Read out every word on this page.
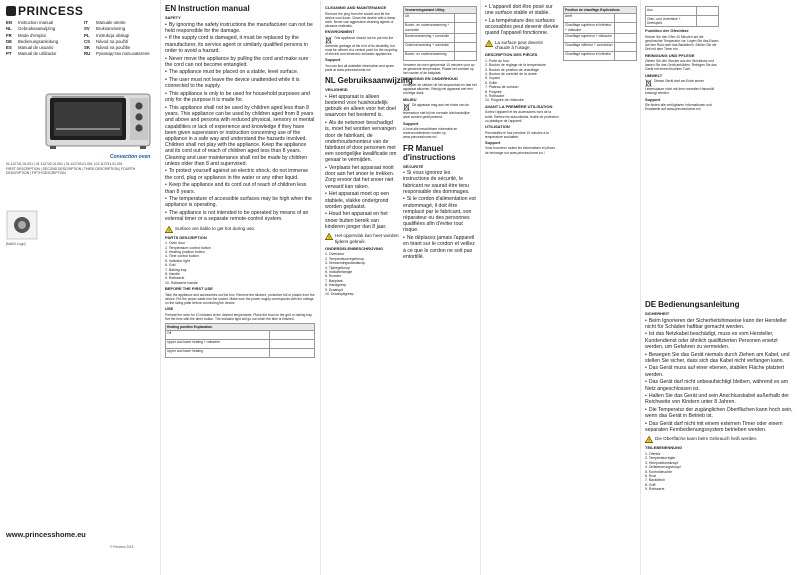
PRINCESS
EN Instruction manual
NL Gebruiksaanwijzing
FR Mode d'emploi
DE Bedienungsanleitung
ES Manual de usuario
PT Manual de utilizador
IT Manuale utente
SV Bruksanvisning
PL Instrukcja obsługi
CS Návod na použití
SK Návod na použitie
RU Руководство пользователя
Convection oven
01.112741.01.001 | 01.112742.01.001 | 01.112743.01.001 | 01.112741.01.001
FIRST DESCRIPTION | SECOND DESCRIPTION | THIRD DESCRIPTION | FOURTH DESCRIPTION | FIFTH DESCRIPTION
[MAIN Logo]
www.princesshome.eu
© Princess 2018
EN Instruction manual
SAFETY
• By ignoring the safety instructions the manufacturer can not be held responsible for the damage.
• If the supply cord is damaged, it must be replaced by the manufacturer, its service agent or similarly qualified persons in order to avoid a hazard.
• Never move the appliance by pulling the cord and make sure the cord can not become entangled.
• The appliance must be placed on a stable, level surface.
• The user must not leave the device unattended while it is connected to the supply.
• This appliance is only to be used for household purposes and only for the purpose it is made for.
• This appliance shall not be used by children aged less than 8 years. This appliance can be used by children aged from 8 years and above and persons with reduced physical, sensory or mental capabilities or lack of experience and knowledge if they have been given supervision or instruction concerning use of the appliance in a safe way and understand the hazards involved. Children shall not play with the appliance. Keep the appliance and its cord out of reach of children aged less than 8 years. Cleaning and user maintenance shall not be made by children unless older than 8 and supervised.
• To protect yourself against an electric shock, do not immerse the cord, plug or appliance in the water or any other liquid.
• Keep the appliance and its cord out of reach of children less than 8 years.
• The temperature of accessible surfaces may be high when the appliance is operating.
• The appliance is not intended to be operated by means of an external timer or a separate remote-control system.
! Surface are liable to get hot during use.
PARTS DESCRIPTION
1. Oven door
2. Temperature control button
3. Heating position button
4. Time control button
5. Indicator light
6. Grid
7. Baking tray
8. Handle
9. Rotisserie
10. Rotisserie handle
BEFORE THE FIRST USE

Take the appliance and accessories out the box. Remove the stickers, protective foil or plastic from the device. Put the power cable into the socket. Make sure the power supply corresponds with the voltage on the rating plate before connecting the device.

USE

Preheat the oven for 10 minutes at the desired temperature. Place the food on the grid or baking tray. Set the time with the timer button. The indicator light will go out when the time is finished.

Heating position Explanation	
Off	
Upper and lower heating + rotisserie	
Upper and lower heating	
CLEANING AND MAINTENANCE

Remove the plug from the socket and let the device cool down. Clean the device with a damp cloth. Never use aggressive cleaning agents or abrasive materials.

ENVIRONMENT

This appliance should not be put into the domestic garbage at the end of its durability, but must be offered at a central point for the recycling of electric and electronic domestic appliances.

Support

You can find all available information and spare parts at www.princesshome.eu!

NL Gebruiksaanwijzing
VEILIGHEID
• Het apparaat is alleen bestemd voor huishoudelijk gebruik en alleen voor het doel waarvoor het bestemd is.
• Als de netsnoer beschadigd is, moet het worden vervangen door de fabrikant, de onderhoudsmonteur van de fabrikant of door personen met een soortgelijke kwalificatie om gevaar te vermijden.
• Verplaats het apparaat nooit door aan het snoer te trekken. Zorg ervoor dat het snoer niet verward kan raken.
• Het apparaat moet op een stabiele, vlakke ondergrond worden geplaatst.
• Houd het apparaat en het snoer buiten bereik van kinderen jonger dan 8 jaar.
! Het oppervlak kan heet worden tijdens gebruik.
ONDERDELENBESCHRIJVING
1. Ovendeur
2. Temperatuurregelknop
3. Verwarmingsstandknop
4. Tijdregelknop
5. Indicatielampje
6. Rooster
7. Bakplaat
8. Handgreep
9. Draaispit
10. Draaispitgreep
Verwarmingsstand Uitleg	
Uit	
Boven- en onderverwarming + convectie	
Bovenverwarming + convectie	
Onderverwarming + convectie	
Boven- en onderverwarming	

Verwarm de oven gedurende 10 minuten voor op de gewenste temperatuur. Plaats het voedsel op het rooster of de bakplaat.

REINIGING EN ONDERHOUD

Verwijder de stekker uit het stopcontact en laat het apparaat afkoelen. Reinig het apparaat met een vochtige doek.

MILIEU

Dit apparaat mag aan het einde van de levensduur niet bij het normale huishoudelijke afval worden gedeponeerd.

Support

U kunt alle beschikbare informatie en reserveonderdelen vinden op www.princesshome.eu!

FR Manuel d'instructions
SÉCURITÉ
• Si vous ignorez les instructions de sécurité, le fabricant ne saurait être tenu responsable des dommages.
• Si le cordon d'alimentation est endommagé, il doit être remplacé par le fabricant, son réparateur ou des personnes qualifiées afin d'éviter tout risque.
• Ne déplacez jamais l'appareil en tirant sur le cordon et veillez à ce que le cordon ne soit pas entortillé.
• L'appareil doit être posé sur une surface stable et stable.
• La température des surfaces accessibles peut devenir élevée quand l'appareil fonctionne.
! La surface peut devenir chaude à l'usage.
DESCRIPTION DES PIÈCES
1. Porte du four
2. Bouton de réglage de la température
3. Bouton de position de chauffage
4. Bouton de contrôle de la durée
5. Voyant
6. Grille
7. Plateau de cuisson
8. Poignée
9. Rôtissoire
10. Poignée de rôtissoire
AVANT LA PREMIÈRE UTILISATION

Sortez l'appareil et les accessoires hors de la boîte. Retirez les autocollants, feuille de protection ou plastique de l'appareil.

UTILISATION

Préchauffez le four pendant 10 minutes à la température souhaitée.

Support

Vous trouverez toutes les informations et pièces de rechange sur www.princesshome.eu !

Position de chauffage Explications	
Arrêt	
Chauffage supérieur et inférieur + rôtissoire	
Chauffage supérieur + rôtissoire	
Chauffage inférieur + convection	
Chauffage supérieur et inférieur	
Aus	
Ober- und Unterhitze + Drehspieß	
Funktion der Ofenhitze

Heizen Sie den Ofen 10 Minuten auf die gewünschte Temperatur vor. Legen Sie das Essen auf den Rost oder das Backblech. Stellen Sie die Zeit mit dem Timer ein.

REINIGUNG UND PFLEGE

Ziehen Sie den Stecker aus der Steckdose und lassen Sie das Gerät abkühlen. Reinigen Sie das Gerät mit einem feuchten Tuch.

UMWELT

Dieses Gerät darf am Ende seiner Lebensdauer nicht mit dem normalen Hausmüll entsorgt werden.

Support

Sie finden alle verfügbaren Informationen und Ersatzteile auf www.princesshome.eu!

DE Bedienungsanleitung
SICHERHEIT
• Beim Ignorieren der Sicherheitshinweise kann der Hersteller nicht für Schäden haftbar gemacht werden.
• Ist das Netzkabel beschädigt, muss es vom Hersteller, Kundendienst oder ähnlich qualifizierten Personen ersetzt werden, um Gefahren zu vermeiden.
• Bewegen Sie das Gerät niemals durch Ziehen am Kabel, und stellen Sie sicher, dass sich das Kabel nicht verfangen kann.
• Das Gerät muss auf einer ebenen, stabilen Fläche platziert werden.
• Das Gerät darf nicht unbeaufsichtigt bleiben, während es am Netz angeschlossen ist.
• Halten Sie das Gerät und sein Anschlusskabel außerhalb der Reichweite von Kindern unter 8 Jahren.
• Die Temperatur der zugänglichen Oberflächen kann hoch sein, wenn das Gerät in Betrieb ist.
• Das Gerät darf nicht mit einem externen Timer oder einem separaten Fernbedienungssystem betrieben werden.
! Die Oberfläche kann beim Gebrauch heiß werden.
TEILEBENENNUNG
1. Ofentür
2. Temperaturregler
3. Heizpositionsknopf
4. Zeitsteuerungsknopf
5. Kontrollleuchte
6. Rost
7. Backblech
8. Griff
9. Rotisserie
